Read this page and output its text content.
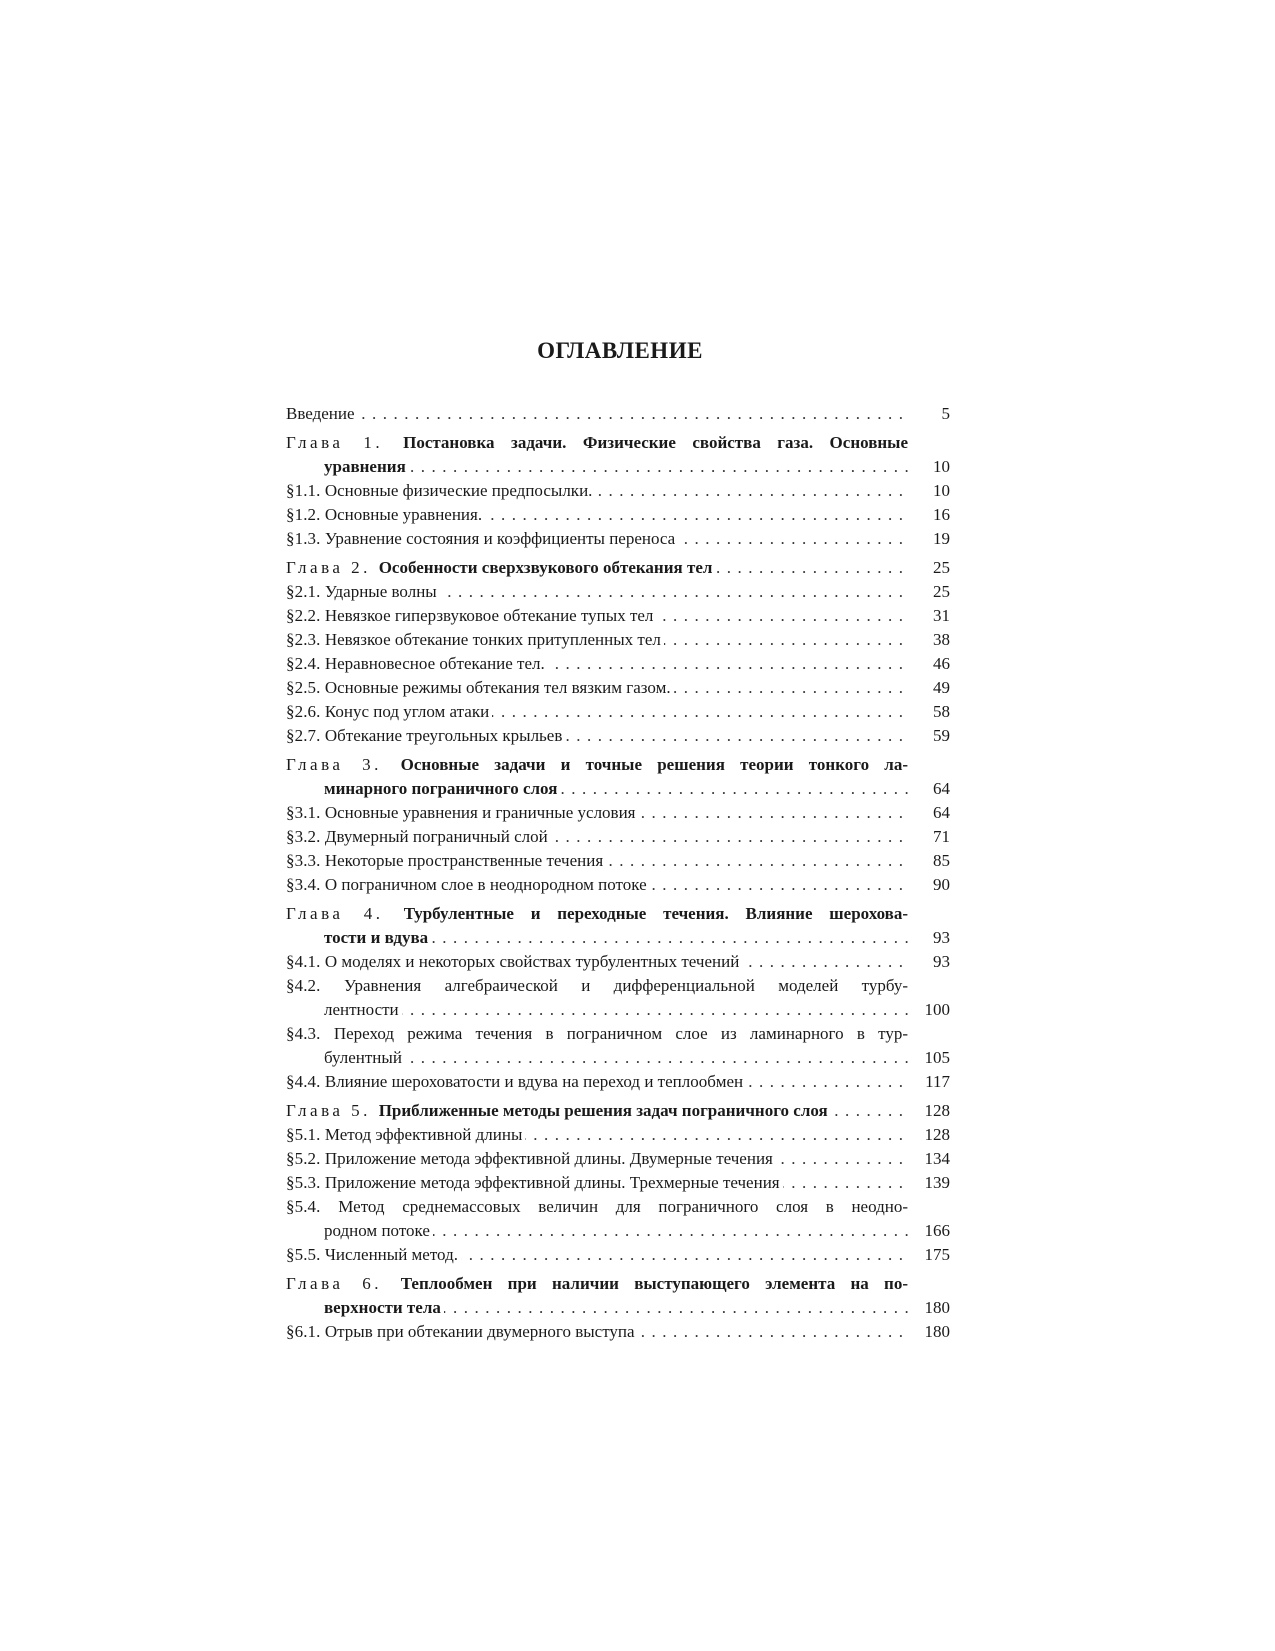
ОГЛАВЛЕНИЕ
.....
Введение	5
Глава 1. Постановка задачи. Физические свойства газа. Основные
.....
уравнения	10
.....
§1.1. Основные физические предпосылки.	10
.....
§1.2. Основные уравнения.	16
.....
§1.3. Уравнение состояния и коэффициенты переноса	19
.....
Глава 2. Особенности сверхзвукового обтекания тел	25
.....
§2.1. Ударные волны	25
.....
§2.2. Невязкое гиперзвуковое обтекание тупых тел	31
.....
§2.3. Невязкое обтекание тонких притупленных тел	38
.....
§2.4. Неравновесное обтекание тел.	46
.....
§2.5. Основные режимы обтекания тел вязким газом.	49
.....
§2.6. Конус под углом атаки	58
.....
§2.7. Обтекание треугольных крыльев	59
Глава 3. Основные задачи и точные решения теории тонкого ла-
.....
минарного пограничного слоя	64
.....
§3.1. Основные уравнения и граничные условия	64
.....
§3.2. Двумерный пограничный слой	71
.....
§3.3. Некоторые пространственные течения	85
.....
§3.4. О пограничном слое в неоднородном потоке	90
Глава 4. Турбулентные и переходные течения. Влияние шерохова-
.....
тости и вдува	93
.....
§4.1. О моделях и некоторых свойствах турбулентных течений	93
§4.2. Уравнения алгебраической и дифференциальной моделей турбу-
.....
лентности	100
§4.3. Переход режима течения в пограничном слое из ламинарного в тур-
.....
булентный	105
.....
§4.4. Влияние шероховатости и вдува на переход и теплообмен	117
.....
Глава 5. Приближенные методы решения задач пограничного слоя	128
.....
§5.1. Метод эффективной длины	128
.....
§5.2. Приложение метода эффективной длины. Двумерные течения	134
.....
§5.3. Приложение метода эффективной длины. Трехмерные течения	139
§5.4. Метод среднемассовых величин для пограничного слоя в неодно-
.....
родном потоке	166
.....
§5.5. Численный метод.	175
Глава 6. Теплообмен при наличии выступающего элемента на по-
.....
верхности тела	180
.....
§6.1. Отрыв при обтекании двумерного выступа	180
